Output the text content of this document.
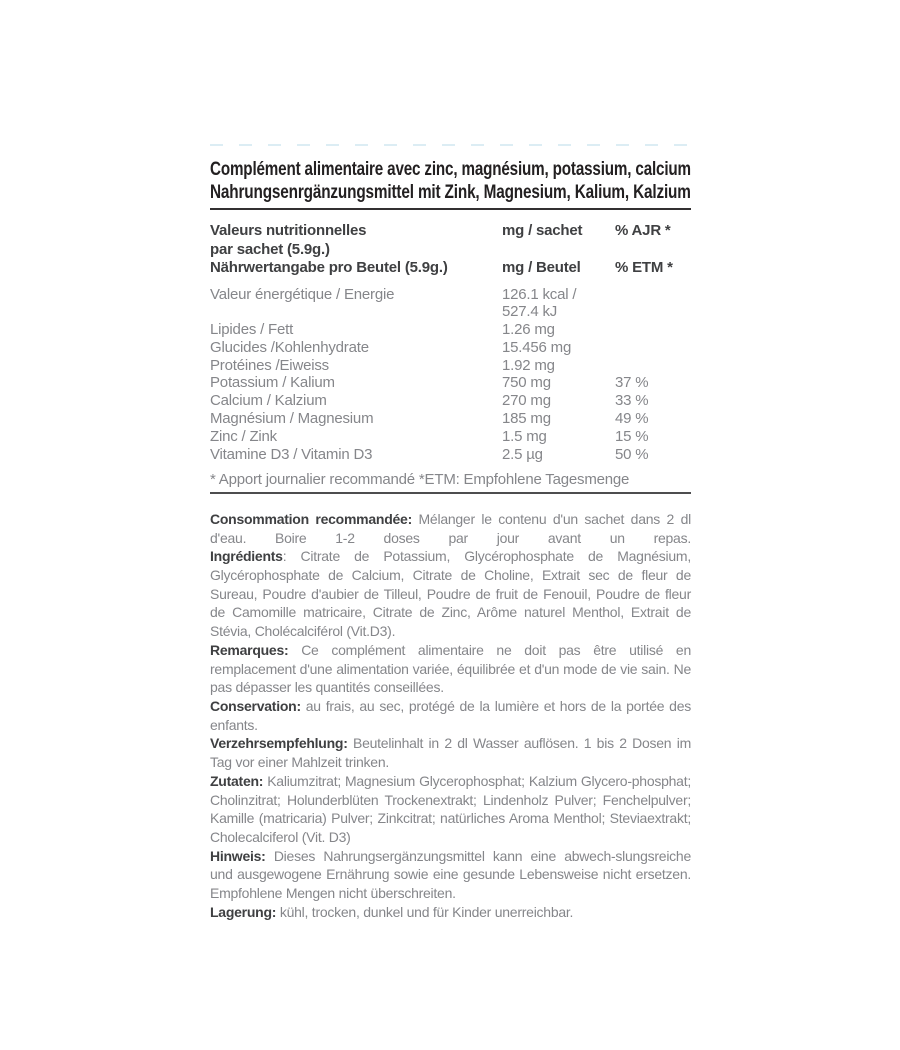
Complément alimentaire avec zinc, magnésium, potassium, calcium
Nahrungsenrgänzungsmittel mit Zink, Magnesium, Kalium, Kalzium
Valeurs nutritionnelles	mg / sachet	% AJR *
par sachet (5.9g.)
Nährwertangabe pro Beutel (5.9g.)	mg / Beutel	% ETM *
Valeur énergétique / Energie	126.1 kcal / 527.4 kJ
Lipides / Fett	1.26 mg
Glucides /Kohlenhydrate	15.456 mg
Protéines /Eiweiss	1.92 mg
Potassium / Kalium	750 mg	37 %
Calcium / Kalzium	270 mg	33 %
Magnésium / Magnesium	185 mg	49 %
Zinc / Zink	1.5 mg	15 %
Vitamine D3 / Vitamin D3	2.5 µg	50 %
* Apport journalier recommandé *ETM: Empfohlene Tagesmenge

Consommation recommandée: Mélanger le contenu d'un sachet dans 2 dl d'eau. Boire 1-2 doses par jour avant un repas.

Ingrédients: Citrate de Potassium, Glycérophosphate de Magnésium, Glycérophosphate de Calcium, Citrate de Choline, Extrait sec de fleur de Sureau, Poudre d'aubier de Tilleul, Poudre de fruit de Fenouil, Poudre de fleur de Camomille matricaire, Citrate de Zinc, Arôme naturel Menthol, Extrait de Stévia, Cholécalciférol (Vit.D3).

Remarques: Ce complément alimentaire ne doit pas être utilisé en remplacement d'une alimentation variée, équilibrée et d'un mode de vie sain. Ne pas dépasser les quantités conseillées.

Conservation: au frais, au sec, protégé de la lumière et hors de la portée des enfants.

Verzehrsempfehlung: Beutelinhalt in 2 dl Wasser auflösen. 1 bis 2 Dosen im Tag vor einer Mahlzeit trinken.

Zutaten: Kaliumzitrat; Magnesium Glycerophosphat; Kalzium Glycero-phosphat; Cholinzitrat; Holunderblüten Trockenextrakt; Lindenholz Pulver; Fenchelpulver; Kamille (matricaria) Pulver; Zinkcitrat; natürliches Aroma Menthol; Steviaextrakt; Cholecalciferol (Vit. D3)

Hinweis: Dieses Nahrungsergänzungsmittel kann eine abwech-slungsreiche und ausgewogene Ernährung sowie eine gesunde Lebensweise nicht ersetzen. Empfohlene Mengen nicht überschreiten.

Lagerung: kühl, trocken, dunkel und für Kinder unerreichbar.
